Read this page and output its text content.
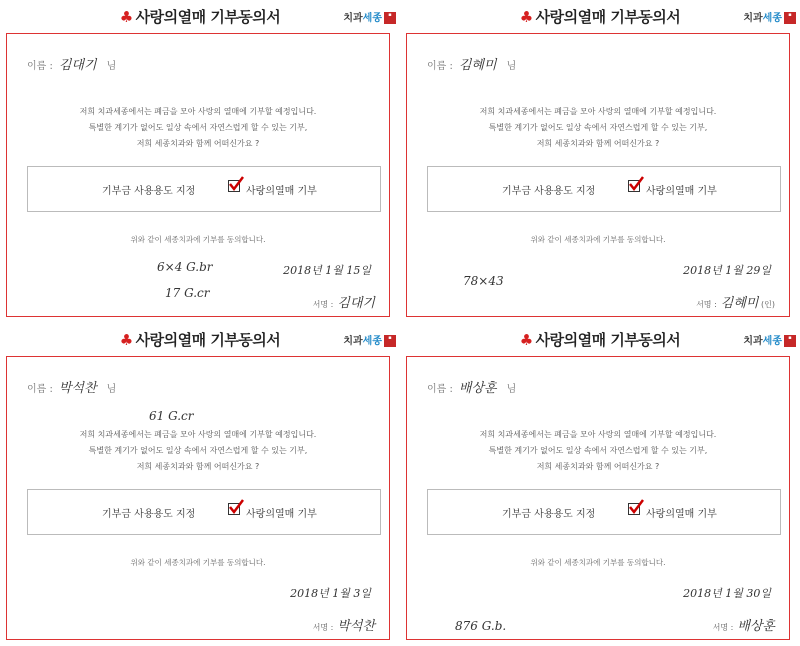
♣ 사랑의열매 기부동의서	치과세종 ▪
이름 : 김대기 님
저희 치과세종에서는 폐금을 모아 사랑의 열매에 기부할 예정입니다.
특별한 계기가 없어도 일상 속에서 자연스럽게 할 수 있는 기부,
저희 세종치과와 함께 어떠신가요 ?
기부금 사용용도 지정	사랑의열매 기부
위와 같이 세종치과에 기부를 동의합니다.
2018년 1월 15일
서명 : 김대기
6×4 G.br
17 G.cr
♣ 사랑의열매 기부동의서	치과세종 ▪
이름 : 김혜미 님
저희 치과세종에서는 폐금을 모아 사랑의 열매에 기부할 예정입니다.
특별한 계기가 없어도 일상 속에서 자연스럽게 할 수 있는 기부,
저희 세종치과와 함께 어떠신가요 ?
기부금 사용용도 지정	사랑의열매 기부
위와 같이 세종치과에 기부를 동의합니다.
2018년 1월 29일
서명 : 김혜미 (인)
78×43
♣ 사랑의열매 기부동의서	치과세종 ▪
이름 : 박석찬 님
저희 치과세종에서는 폐금을 모아 사랑의 열매에 기부할 예정입니다.
특별한 계기가 없어도 일상 속에서 자연스럽게 할 수 있는 기부,
저희 세종치과와 함께 어떠신가요 ?
기부금 사용용도 지정	사랑의열매 기부
위와 같이 세종치과에 기부를 동의합니다.
2018년 1월 3일
서명 : 박석찬
61 G.cr
♣ 사랑의열매 기부동의서	치과세종 ▪
이름 : 배상훈 님
저희 치과세종에서는 폐금을 모아 사랑의 열매에 기부할 예정입니다.
특별한 계기가 없어도 일상 속에서 자연스럽게 할 수 있는 기부,
저희 세종치과와 함께 어떠신가요 ?
기부금 사용용도 지정	사랑의열매 기부
위와 같이 세종치과에 기부를 동의합니다.
2018년 1월 30일
서명 : 배상훈
876 G.b.
